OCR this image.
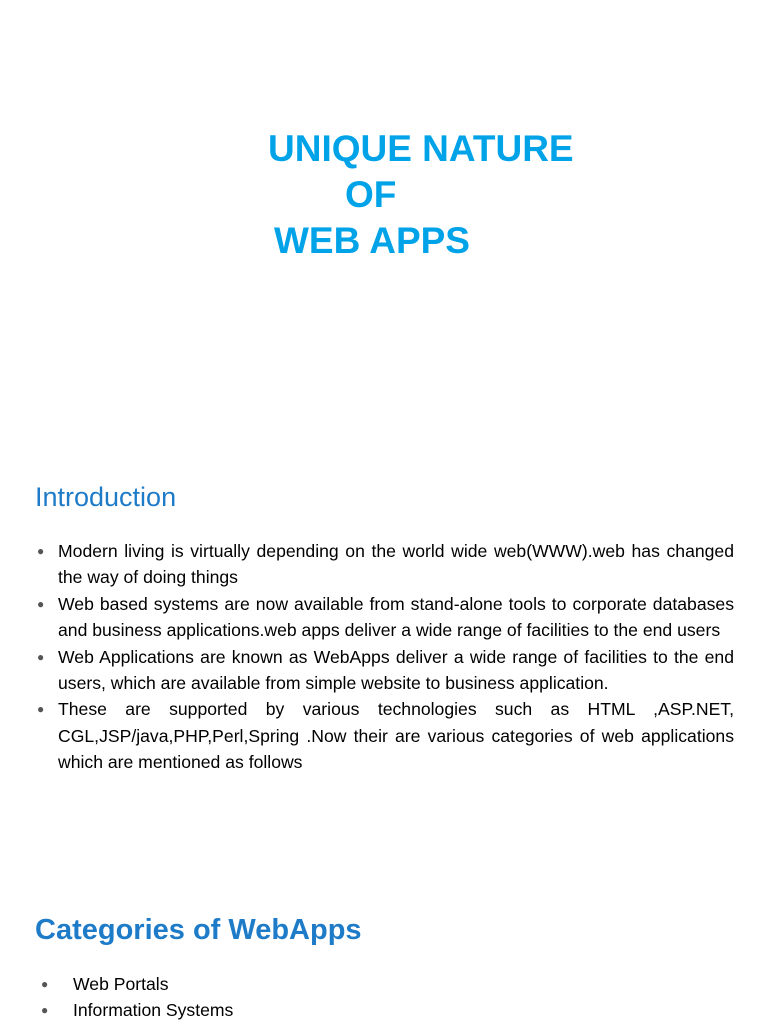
UNIQUE NATURE
OF
WEB APPS
Introduction
● Modern living is virtually depending on the world wide web(WWW).web has changed the way of doing things
● Web based systems are now available from stand-alone tools to corporate databases and business applications.web apps deliver a wide range of facilities to the end users
● Web Applications are known as WebApps deliver a wide range of facilities to the end users, which are available from simple website to business application.
● These are supported by various technologies such as HTML ,ASP.NET, CGL,JSP/java,PHP,Perl,Spring .Now their are various categories of web applications which are mentioned as follows
Categories of WebApps
● Web Portals
● Information Systems
